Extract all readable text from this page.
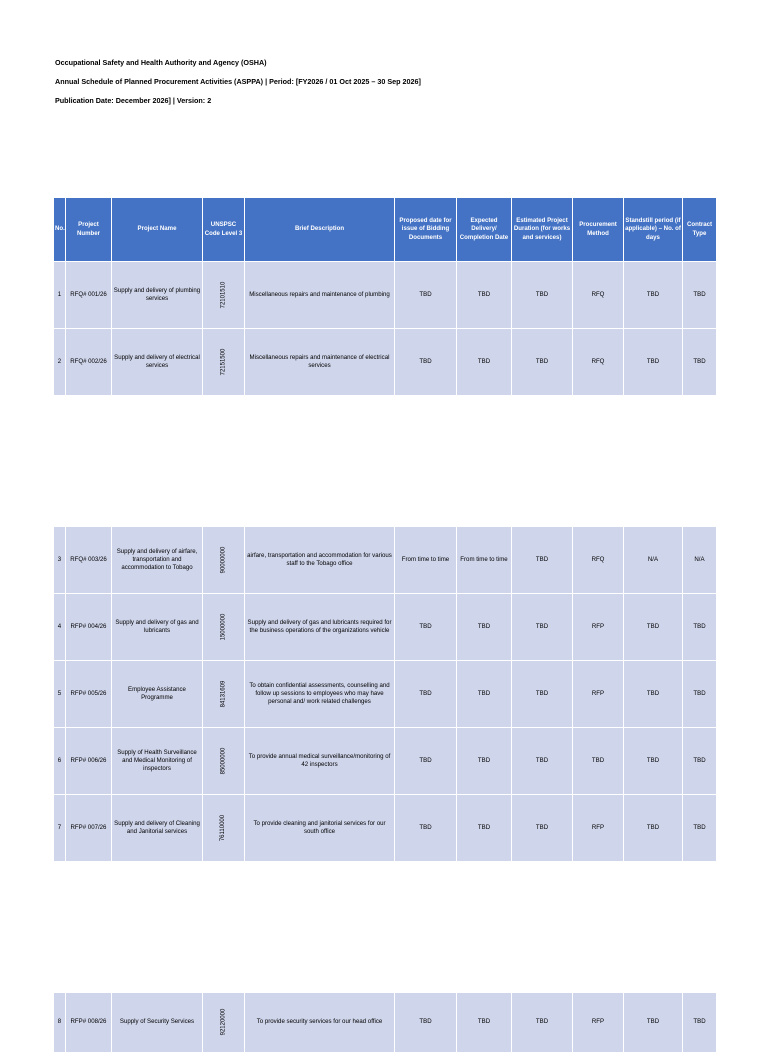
Occupational Safety and Health Authority and Agency (OSHA)
Annual Schedule of Planned Procurement Activities (ASPPA) | Period: [FY2026 / 01 Oct 2025 – 30 Sep 2026]
Publication Date: December 2026] | Version: 2
No.	Project Number	Project Name	UNSPSC Code Level 3	Brief Description	Proposed date for issue of Bidding Documents	Expected Delivery/ Completion Date	Estimated Project Duration (for works and services)	Procurement Method	Standstill period (if applicable) – No. of days	Contract Type
1	RFQ# 001/26	Supply and delivery of plumbing services	72101510	Miscellaneous repairs and maintenance of plumbing	TBD	TBD	TBD	RFQ	TBD	TBD
2	RFQ# 002/26	Supply and delivery of electrical services	72151500	Miscellaneous repairs and maintenance of electrical services	TBD	TBD	TBD	RFQ	TBD	TBD
3	RFQ# 003/26	Supply and delivery of airfare, transportation and accommodation to Tobago	90000000	airfare, transportation and accommodation for various staff to the Tobago office	From time to time	From time to time	TBD	RFQ	N/A	N/A
4	RFP# 004/26	Supply and delivery of gas and lubricants	15000000	Supply and delivery of gas and lubricants required for the business operations of the organizations vehicle	TBD	TBD	TBD	RFP	TBD	TBD
5	RFP# 005/26	Employee Assistance Programme	84131609	To obtain confidential assessments, counselling and follow up sessions to employees who may have personal and/ work related challenges	TBD	TBD	TBD	RFP	TBD	TBD
6	RFP# 006/26	Supply of Health Surveillance and Medical Monitoring of inspectors	85000000	To provide annual medical surveillance/monitoring of 42 inspectors	TBD	TBD	TBD	TBD	TBD	TBD
7	RFP# 007/26	Supply and delivery of Cleaning and Janitorial services	76110000	To provide cleaning and janitorial services for our south office	TBD	TBD	TBD	RFP	TBD	TBD
8	RFP# 008/26	Supply of Security Services	92120000	To provide security services for our head office	TBD	TBD	TBD	RFP	TBD	TBD
